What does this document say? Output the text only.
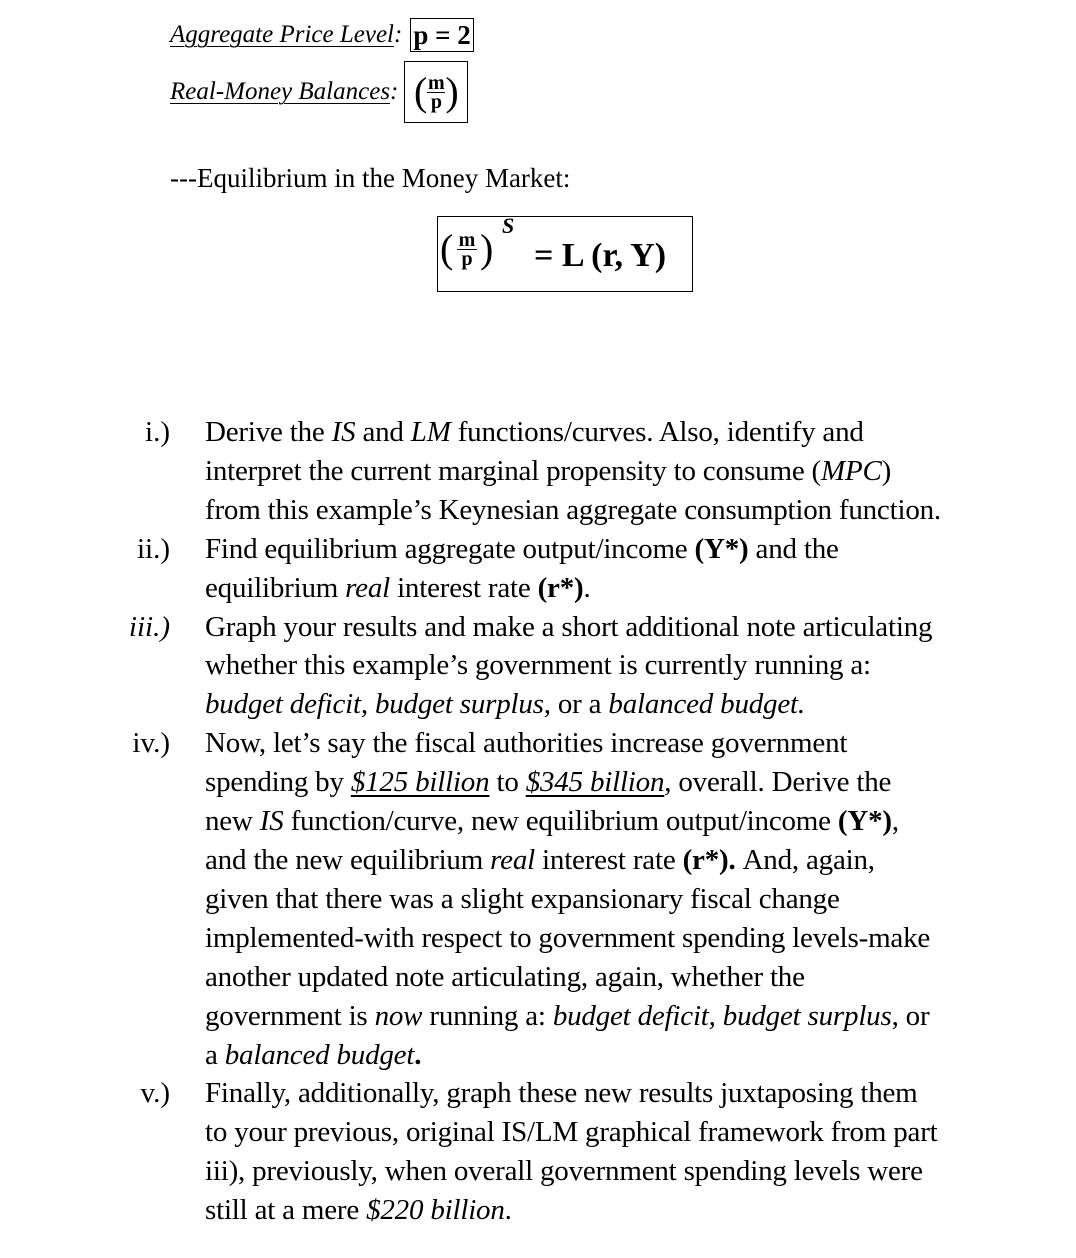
Aggregate Price Level : p = 2
Real-Money Balances : ( $\frac{m}{p}$ )
---Equilibrium in the Money Market:
( m
p )
S
= L (r, Y)
i.) Derive the IS and LM functions/curves. Also, identify and
interpret the current marginal propensity to consume (MPC)
from this example’s Keynesian aggregate consumption function.
ii.) Find equilibrium aggregate output/income (Y*) and the
equilibrium real interest rate (r*).
iii.) Graph your results and make a short additional note articulating
whether this example’s government is currently running a:
budget deficit, budget surplus, or a balanced budget.
iv.) Now, let’s say the fiscal authorities increase government
spending by $125 billion to $345 billion, overall. Derive the
new IS function/curve, new equilibrium output/income (Y*),
and the new equilibrium real interest rate (r*). And, again,
given that there was a slight expansionary fiscal change
implemented-with respect to government spending levels-make
another updated note articulating, again, whether the
government is now running a: budget deficit, budget surplus, or
a balanced budget.
v.) Finally, additionally, graph these new results juxtaposing them
to your previous, original IS/LM graphical framework from part
iii), previously, when overall government spending levels were
still at a mere $220 billion.
